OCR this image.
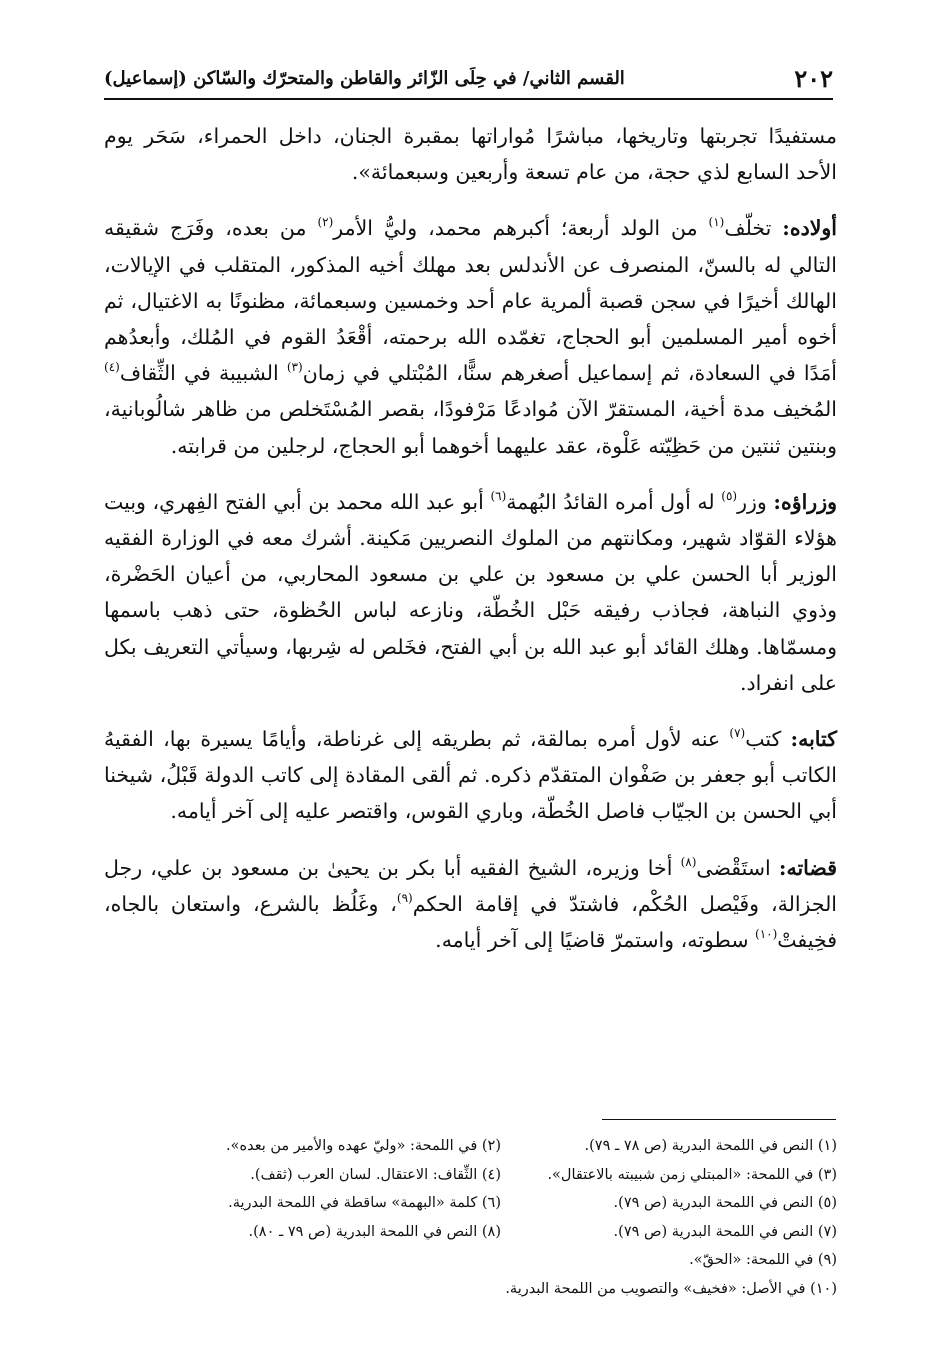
٢٠٢
القسم الثاني/ في حِلَى الزّائر والقاطن والمتحرّك والسّاكن (إسماعيل)

مستفيدًا تجربتها وتاريخها، مباشرًا مُواراتها بمقبرة الجنان، داخل الحمراء، سَحَر يوم الأحد السابع لذي حجة، من عام تسعة وأربعين وسبعمائة».

أولاده: تخلّف$^{(١)}$ من الولد أربعة؛ أكبرهم محمد، وليُّ الأمر$^{(٢)}$ من بعده، وفَرَج شقيقه التالي له بالسنّ، المنصرف عن الأندلس بعد مهلك أخيه المذكور، المتقلب في الإيالات، الهالك أخيرًا في سجن قصبة ألمرية عام أحد وخمسين وسبعمائة، مظنونًا به الاغتيال، ثم أخوه أمير المسلمين أبو الحجاج، تغمّده الله برحمته، أقْعَدُ القوم في المُلك، وأبعدُهم أمَدًا في السعادة، ثم إسماعيل أصغرهم سنًّا، المُبْتلي في زمان$^{(٣)}$ الشبيبة في الثِّقاف$^{(٤)}$ المُخيف مدة أخية، المستقرّ الآن مُوادعًا مَرْفودًا، بقصر المُسْتَخلص من ظاهر شالُوبانية، وبنتين ثنتين من حَظِيّته عَلْوة، عقد عليهما أخوهما أبو الحجاج، لرجلين من قرابته.

وزراؤه: وزر$^{(٥)}$ له أول أمره القائدُ البُهمة$^{(٦)}$ أبو عبد الله محمد بن أبي الفتح الفِهري، وبيت هؤلاء القوّاد شهير، ومكانتهم من الملوك النصريين مَكينة. أشرك معه في الوزارة الفقيه الوزير أبا الحسن علي بن مسعود بن علي بن مسعود المحاربي، من أعيان الحَضْرة، وذوي النباهة، فجاذب رفيقه حَبْل الخُطّة، ونازعه لباس الحُظوة، حتى ذهب باسمها ومسمّاها. وهلك القائد أبو عبد الله بن أبي الفتح، فخَلص له شِربها، وسيأتي التعريف بكل على انفراد.

كتابه: كتب$^{(٧)}$ عنه لأول أمره بمالقة، ثم بطريقه إلى غرناطة، وأيامًا يسيرة بها، الفقيهُ الكاتب أبو جعفر بن صَفْوان المتقدّم ذكره. ثم ألقى المقادة إلى كاتب الدولة قَبْلُ، شيخنا أبي الحسن بن الجيّاب فاصل الخُطّة، وباري القوس، واقتصر عليه إلى آخر أيامه.

قضاته: استَقْضى$^{(٨)}$ أخا وزيره، الشيخ الفقيه أبا بكر بن يحيىٰ بن مسعود بن علي، رجل الجزالة، وفَيْصل الحُكْم، فاشتدّ في إقامة الحكم$^{(٩)}$، وغَلُظ بالشرع، واستعان بالجاه، فخِيفتْ$^{(١٠)}$ سطوته، واستمرّ قاضيًا إلى آخر أيامه.

(١) النص في اللمحة البدرية (ص ٧٨ ـ ٧٩).
(٢) في اللمحة: «وليّ عهده والأمير من بعده».
(٣) في اللمحة: «المبتلي زمن شبيبته بالاعتقال».
(٤) الثِّقاف: الاعتقال. لسان العرب (ثقف).
(٥) النص في اللمحة البدرية (ص ٧٩).
(٦) كلمة «البهمة» ساقطة في اللمحة البدرية.
(٧) النص في اللمحة البدرية (ص ٧٩).
(٨) النص في اللمحة البدرية (ص ٧٩ ـ ٨٠).
(٩) في اللمحة: «الحقّ».
(١٠) في الأصل: «فخيف» والتصويب من اللمحة البدرية.
